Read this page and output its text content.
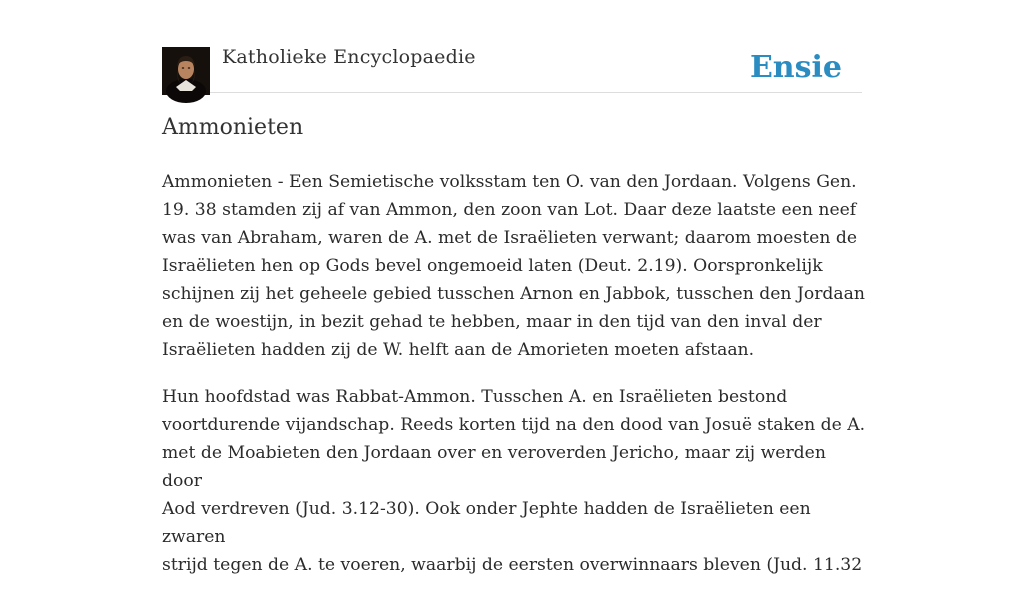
Katholieke Encyclopaedie	Ensie
Ammonieten

Ammonieten - Een Semietische volksstam ten O. van den Jordaan. Volgens Gen.
19. 38 stamden zij af van Ammon, den zoon van Lot. Daar deze laatste een neef
was van Abraham, waren de A. met de Israëlieten verwant; daarom moesten de
Israëlieten hen op Gods bevel ongemoeid laten (Deut. 2.19). Oorspronkelijk
schijnen zij het geheele gebied tusschen Arnon en Jabbok, tusschen den Jordaan
en de woestijn, in bezit gehad te hebben, maar in den tijd van den inval der
Israëlieten hadden zij de W. helft aan de Amorieten moeten afstaan.

Hun hoofdstad was Rabbat-Ammon. Tusschen A. en Israëlieten bestond
voortdurende vijandschap. Reeds korten tijd na den dood van Josuë staken de A.
met de Moabieten den Jordaan over en veroverden Jericho, maar zij werden door
Aod verdreven (Jud. 3.12-30). Ook onder Jephte hadden de Israëlieten een zwaren
strijd tegen de A. te voeren, waarbij de eersten overwinnaars bleven (Jud. 11.32
